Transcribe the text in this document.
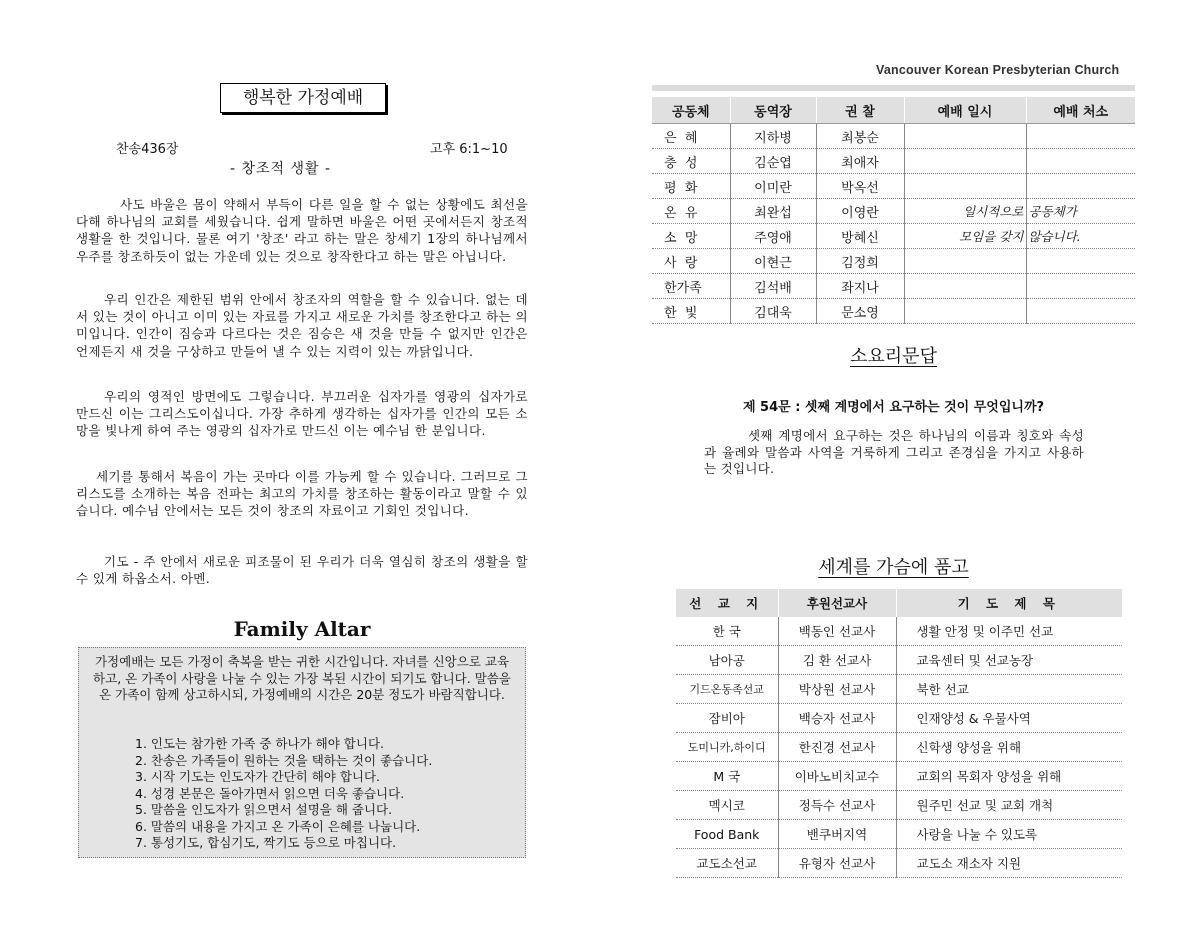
행복한 가정예배
찬송436장	고후 6:1~10
- 창조적 생활 -

사도 바울은 몸이 약해서 부득이 다른 일을 할 수 없는 상황에도 최선을 다해 하나님의 교회를 세웠습니다. 쉽게 말하면 바울은 어떤 곳에서든지 창조적 생활을 한 것입니다. 물론 여기 '창조' 라고 하는 말은 창세기 1장의 하나님께서 우주를 창조하듯이 없는 가운데 있는 것으로 창작한다고 하는 말은 아닙니다.

우리 인간은 제한된 범위 안에서 창조자의 역할을 할 수 있습니다. 없는 데서 있는 것이 아니고 이미 있는 자료를 가지고 새로운 가치를 창조한다고 하는 의미입니다. 인간이 짐승과 다르다는 것은 짐승은 새 것을 만들 수 없지만 인간은 언제든지 새 것을 구상하고 만들어 낼 수 있는 지력이 있는 까닭입니다.

우리의 영적인 방면에도 그렇습니다. 부끄러운 십자가를 영광의 십자가로 만드신 이는 그리스도이십니다. 가장 추하게 생각하는 십자가를 인간의 모든 소망을 빛나게 하여 주는 영광의 십자가로 만드신 이는 예수님 한 분입니다.

세기를 통해서 복음이 가는 곳마다 이를 가능케 할 수 있습니다. 그러므로 그리스도를 소개하는 복음 전파는 최고의 가치를 창조하는 활동이라고 말할 수 있습니다. 예수님 안에서는 모든 것이 창조의 자료이고 기회인 것입니다.

기도 - 주 안에서 새로운 피조물이 된 우리가 더욱 열심히 창조의 생활을 할 수 있게 하옵소서. 아멘.

Family Altar

가정예배는 모든 가정이 축복을 받는 귀한 시간입니다. 자녀를 신앙으로 교육 하고, 온 가족이 사랑을 나눌 수 있는 가장 복된 시간이 되기도 합니다. 말씀을 온 가족이 함께 상고하시되, 가정예배의 시간은 20분 정도가 바람직합니다.

1. 인도는 참가한 가족 중 하나가 해야 합니다.
2. 찬송은 가족들이 원하는 것을 택하는 것이 좋습니다.
3. 시작 기도는 인도자가 간단히 해야 합니다.
4. 성경 본문은 돌아가면서 읽으면 더욱 좋습니다.
5. 말씀을 인도자가 읽으면서 설명을 해 줍니다.
6. 말씀의 내용을 가지고 온 가족이 은혜를 나눕니다.
7. 통성기도, 합심기도, 짝기도 등으로 마칩니다.
Vancouver Korean Presbyterian Church
공동체	동역장	권 찰	예배 일시	예배 처소
은  혜	지하병	최봉순		
충  성	김순엽	최애자		
평  화	이미란	박옥선		
온  유	최완섭	이영란	일시적으로	공동체가
소  망	주영애	방혜신	모임을 갖지	않습니다.
사  랑	이현근	김정희		
한가족	김석배	좌지나		
한  빛	김대욱	문소영		
소요리문답
제 54문 : 셋째 계명에서 요구하는 것이 무엇입니까?

셋째 계명에서 요구하는 것은 하나님의 이름과 칭호와 속성과 율례와 말씀과 사역을 거룩하게 그리고 존경심을 가지고 사용하는 것입니다.

세계를 가슴에 품고
선 교 지	후원선교사	기 도 제 목
한 국	백동인 선교사	생활 안정 및 이주민 선교
남아공	김 환 선교사	교육센터 및 선교농장
기드온동족선교	박상원 선교사	북한 선교
잠비아	백승자 선교사	인재양성 & 우물사역
도미니카,하이디	한진경 선교사	신학생 양성을 위해
M 국	이바노비치교수	교회의 목회자 양성을 위해
멕시코	정득수 선교사	원주민 선교 및 교회 개척
Food Bank	밴쿠버지역	사랑을 나눌 수 있도록
교도소선교	유형자 선교사	교도소 재소자 지원
